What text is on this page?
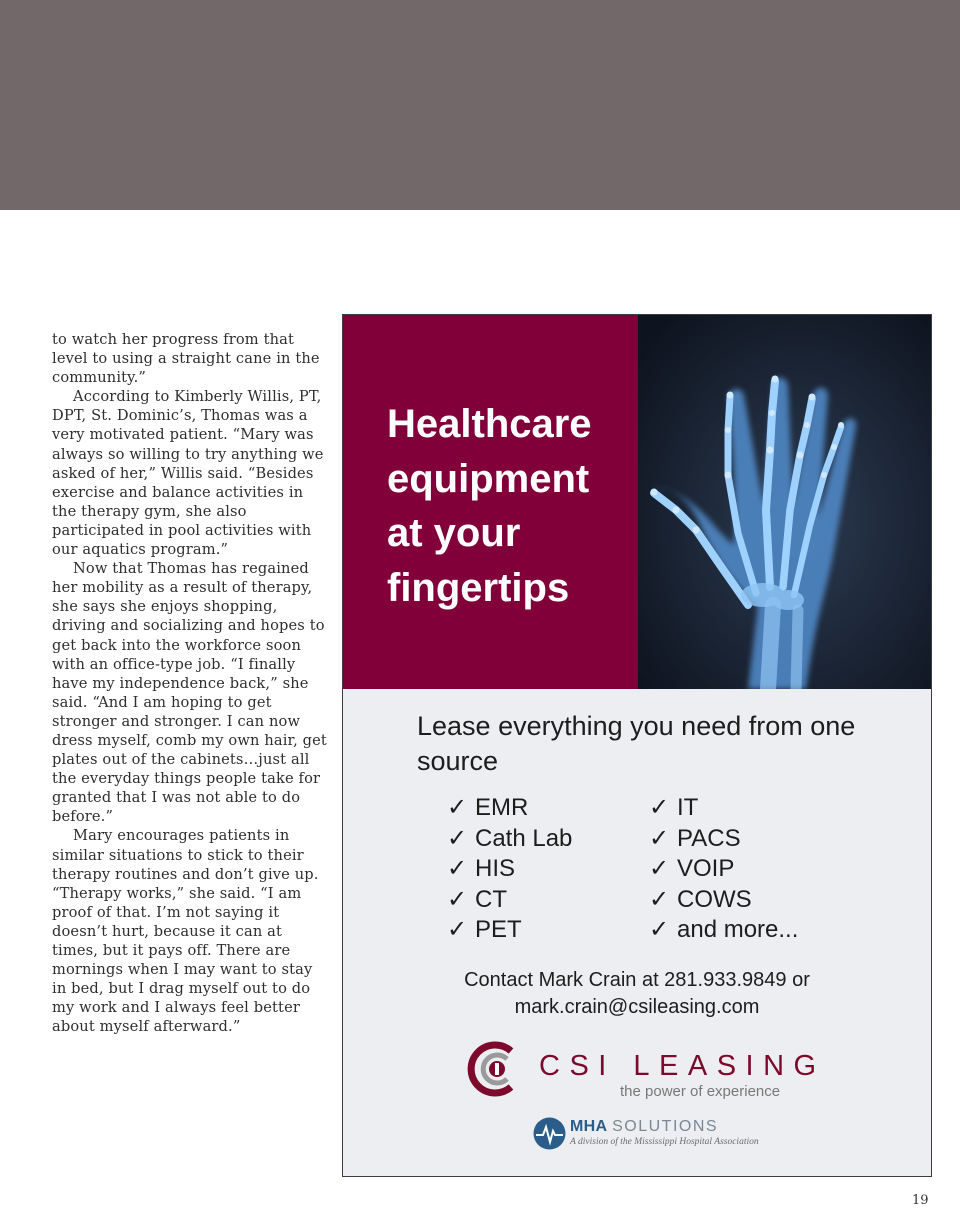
to watch her progress from that level to using a straight cane in the community.”

According to Kimberly Willis, PT, DPT, St. Dominic’s, Thomas was a very motivated patient. “Mary was always so willing to try anything we asked of her,” Willis said. “Besides exercise and balance activities in the therapy gym, she also participated in pool activities with our aquatics program.”

Now that Thomas has regained her mobility as a result of therapy, she says she enjoys shopping, driving and socializing and hopes to get back into the workforce soon with an office-type job. “I finally have my independence back,” she said. “And I am hoping to get stronger and stronger. I can now dress myself, comb my own hair, get plates out of the cabinets…just all the everyday things people take for granted that I was not able to do before.”

Mary encourages patients in similar situations to stick to their therapy routines and don’t give up. “Therapy works,” she said. “I am proof of that. I’m not saying it doesn’t hurt, because it can at times, but it pays off. There are mornings when I may want to stay in bed, but I drag myself out to do my work and I always feel better about myself afterward.”

Healthcare equipment at your fingertips
Lease everything you need from one source
✓ EMR
✓ Cath Lab
✓ HIS
✓ CT
✓ PET
✓ IT
✓ PACS
✓ VOIP
✓ COWS
✓ and more...
Contact Mark Crain at 281.933.9849 or
mark.crain@csileasing.com
CSI LEASING
the power of experience
MHA SOLUTIONS
A division of the Mississippi Hospital Association
19
